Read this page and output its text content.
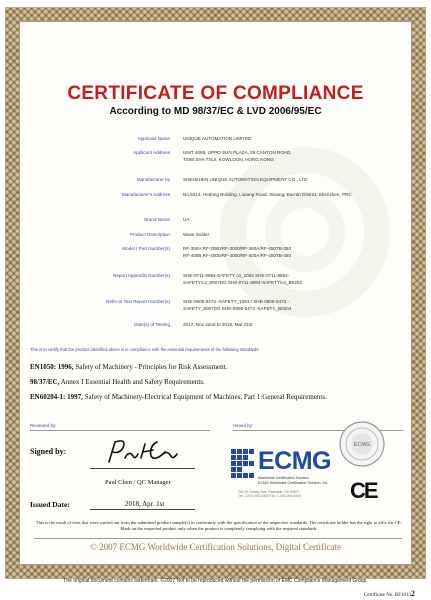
CERTIFICATE OF COMPLIANCE
According to MD 98/37/EC & LVD 2006/95/EC
Applicant Name	UNIQUE AUTOMATION LIMITED
Applicant Address	UNIT 4088, UPPO SUN PLAZA, 28 CANTON ROAD,
TSIM SHA TSUI, KOWLOON, HONG KONG
Manufacturer by	SHENZHEN UNIQUE AUTOMATION EQUIPMENT CO., LTD
Manufacturer's Address	No.5013, Hedong Building, Liutang Road, Xixiang, Bao'an District, Shenzhen, PRC
Brand Name	UA
Product Description	Wave Solder
Model / Part Number(s)	RF-350A,RF-3080/RF-3000/RF-380A/RF-450TB-350
RF-400B,RF-4000/RF-4000/RF-400A/RF-450TB-450
Report Appendix Number(s)	SHE-0711-8884-SAFETY co_1093 SHE-0711-8884-
SAFETY/co_9007DG SHE-0711-8884-SAFETY/co_B0204
Refer to Test Report Number(s)	SHE-0805-5473 -SAFETY_1083 / SHE-0805-5473 -
SAFETY_9007DG SHE-0805-5473 -SAFETY_B0204
Date(s) of Testing	2017, Nov 22nd to 2018, Mar 21st
This is to certify that the product identified above is in compliance with the essential requirements of the following standards:
EN1050: 1996, Safety of Machinery - Principles for Risk Assessment.
98/37/EC, Annex I Essential Health and Safety Requirements.
EN60204-1: 1997, Safety of Machinery-Electrical Equipment of Machines, Part 1:General Requirements.
Reviewed by:	Issued by:
Signed by:
Paul Chen / QC Manager
Issued Date:	2018, Apr. 1st
ECMG
Worldwide Certification Solution
ECMG Worldwide Certification Solution, Inc.
283 W. Dewey Ave. Riverside, CA 92507
Tel: 1-000-000-0000 Fax: 1-000-000-0000
ECMG
CE
This is the result of tests that were carried out from the submitted product sample(s) in conformity with the specification of the respective standards. The certificate holder has the right to affix the CE-Mark on the respected product only when the product is completely complying with the required standards.
© 2007 ECMG Worldwide Certification Solutions, Digital Certificate
The original document contains watermark. ©2007 Not to be reproduced without the permission of EMC Compliance Management Group.
Certificate No. BF10132
